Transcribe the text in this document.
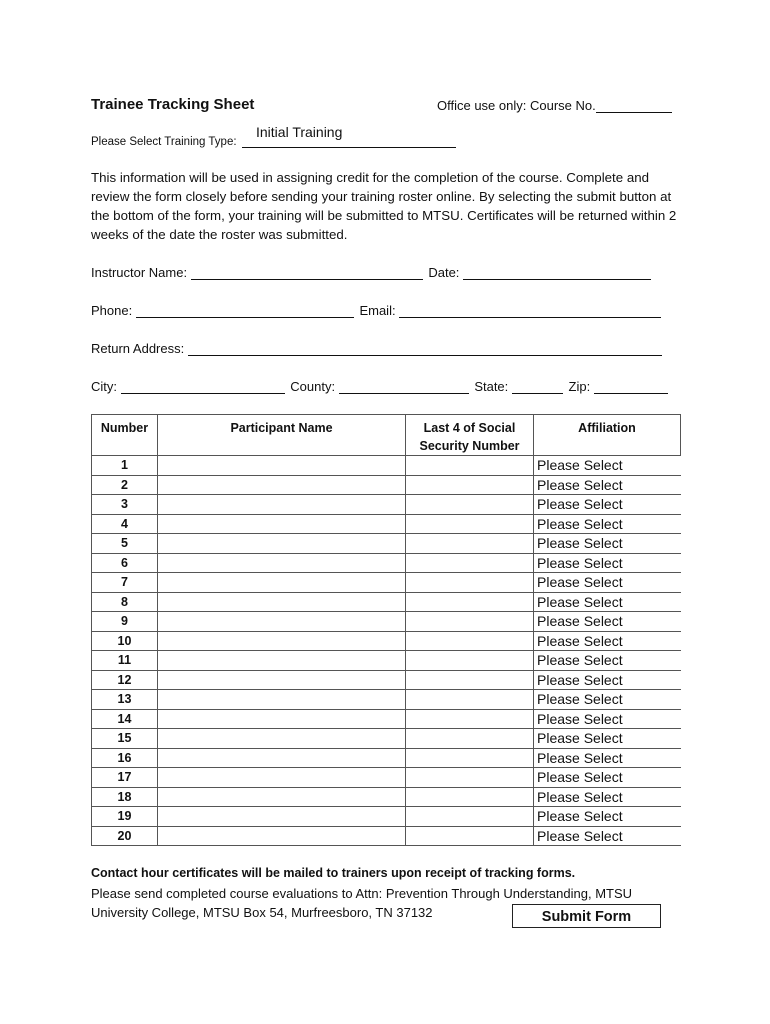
Trainee Tracking Sheet	Office use only: Course No.
Initial Training
Please Select Training Type:
This information will be used in assigning credit for the completion of the course. Complete and review the form closely before sending your training roster online. By selecting the submit button at the bottom of the form, your training will be submitted to MTSU. Certificates will be returned within 2 weeks of the date the roster was submitted.
Instructor Name:	Date:
Phone:	Email:
Return Address:
City:	County:	State:	Zip:
Number	Participant Name	Last 4 of Social Security Number	Affiliation
1			Please Select
2			Please Select
3			Please Select
4			Please Select
5			Please Select
6			Please Select
7			Please Select
8			Please Select
9			Please Select
10			Please Select
11			Please Select
12			Please Select
13			Please Select
14			Please Select
15			Please Select
16			Please Select
17			Please Select
18			Please Select
19			Please Select
20			Please Select
Contact hour certificates will be mailed to trainers upon receipt of tracking forms.
Please send completed course evaluations to Attn: Prevention Through Understanding, MTSU
University College, MTSU Box 54, Murfreesboro, TN 37132	Submit Form
